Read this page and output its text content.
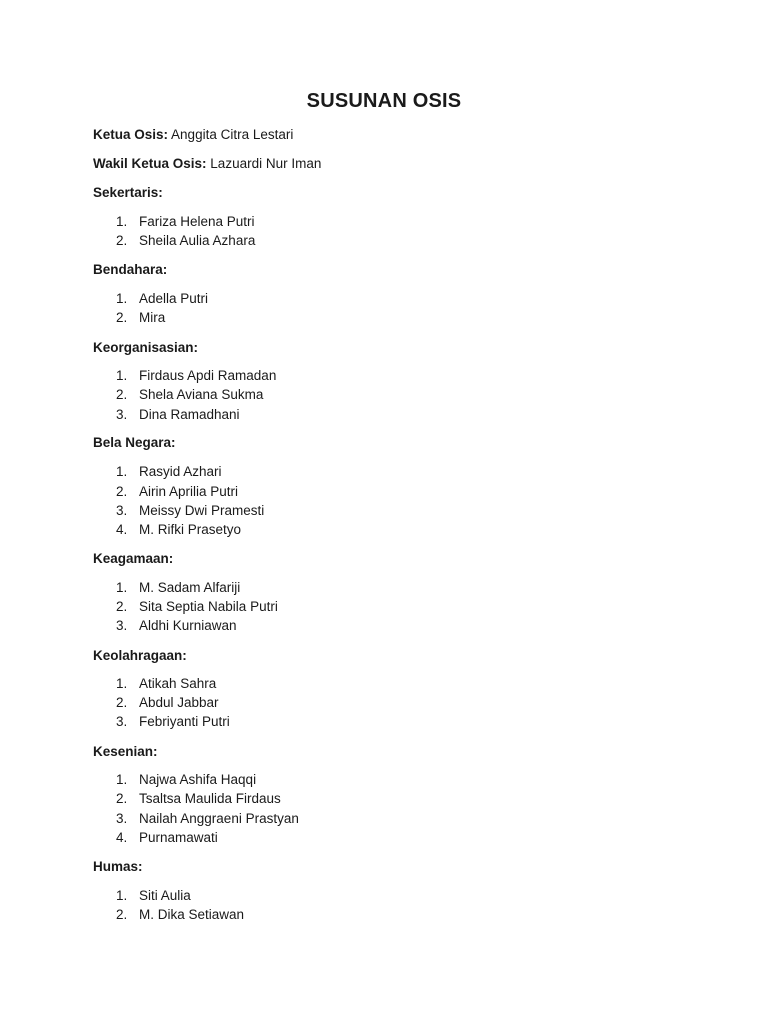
SUSUNAN OSIS
Ketua Osis: Anggita Citra Lestari
Wakil Ketua Osis: Lazuardi Nur Iman
Sekertaris:
1. Fariza Helena Putri
2. Sheila Aulia Azhara
Bendahara:
1. Adella Putri
2. Mira
Keorganisasian:
1. Firdaus Apdi Ramadan
2. Shela Aviana Sukma
3. Dina Ramadhani
Bela Negara:
1. Rasyid Azhari
2. Airin Aprilia Putri
3. Meissy Dwi Pramesti
4. M. Rifki Prasetyo
Keagamaan:
1. M. Sadam Alfariji
2. Sita Septia Nabila Putri
3. Aldhi Kurniawan
Keolahragaan:
1. Atikah Sahra
2. Abdul Jabbar
3. Febriyanti Putri
Kesenian:
1. Najwa Ashifa Haqqi
2. Tsaltsa Maulida Firdaus
3. Nailah Anggraeni Prastyan
4. Purnamawati
Humas:
1. Siti Aulia
2. M. Dika Setiawan
